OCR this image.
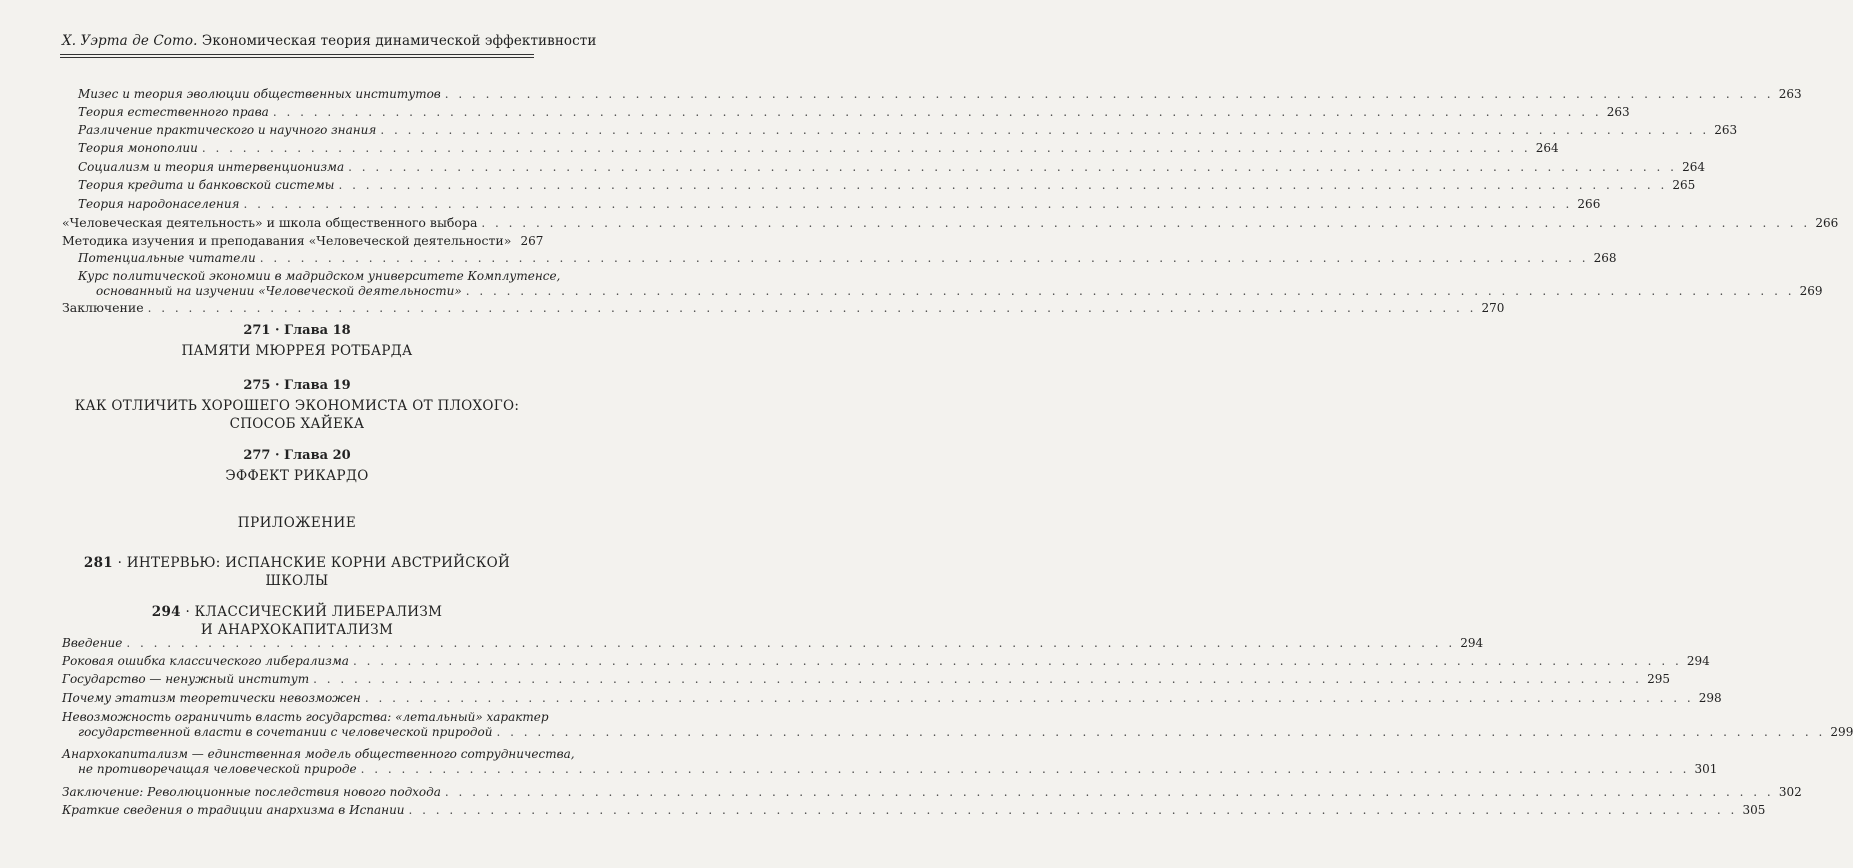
Х. Уэрта де Сото. Экономическая теория динамической эффективности
Мизес и теория эволюции общественных институтов . . .	263
Теория естественного права . . .	263
Различение практического и научного знания . . .	263
Теория монополии . . .	264
Социализм и теория интервенционизма . . .	264
Теория кредита и банковской системы . . .	265
Теория народонаселения . . .	266
«Человеческая деятельность» и школа общественного выбора . . .	266
Методика изучения и преподавания «Человеческой деятельности» 267
Потенциальные читатели . . .	268
Курс политической экономии в мадридском университете Комплутенсе,
основанный на изучении «Человеческой деятельности» . . .	269
Заключение . . .	270
271 · Глава 18
ПАМЯТИ МЮРРЕЯ РОТБАРДА
275 · Глава 19
КАК ОТЛИЧИТЬ ХОРОШЕГО ЭКОНОМИСТА ОТ ПЛОХОГО:
СПОСОБ ХАЙЕКА
277 · Глава 20
ЭФФЕКТ РИКАРДО
ПРИЛОЖЕНИЕ
281 · ИНТЕРВЬЮ: ИСПАНСКИЕ КОРНИ АВСТРИЙСКОЙ
ШКОЛЫ
294 · КЛАССИЧЕСКИЙ ЛИБЕРАЛИЗМ
И АНАРХОКАПИТАЛИЗМ
Введение . . .	294
Роковая ошибка классического либерализма . . .	294
Государство — ненужный институт . . .	295
Почему этатизм теоретически невозможен . . .	298
Невозможность ограничить власть государства: «летальный» характер
государственной власти в сочетании с человеческой природой . . .	299
Анархокапитализм — единственная модель общественного сотрудничества,
не противоречащая человеческой природе . . .	301
Заключение: Революционные последствия нового подхода . . .	302
Краткие сведения о традиции анархизма в Испании . . .	305
